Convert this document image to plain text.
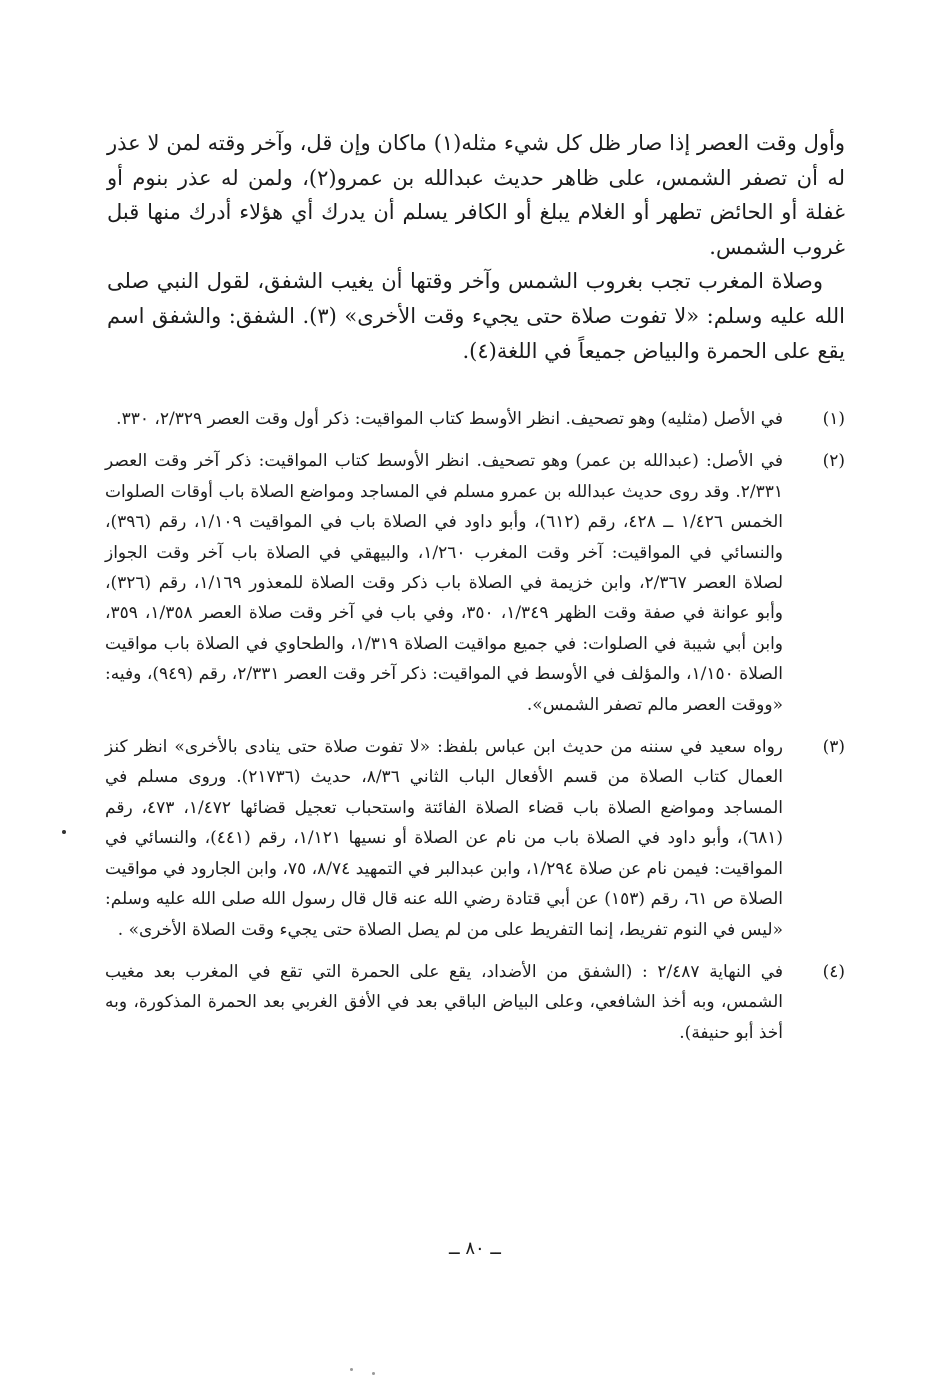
وأول وقت العصر إذا صار ظل كل شيء مثله(١) ماكان وإن قل، وآخر وقته لمن لا عذر له أن تصفر الشمس، على ظاهر حديث عبدالله بن عمرو(٢)، ولمن له عذر بنوم أو غفلة أو الحائض تطهر أو الغلام يبلغ أو الكافر يسلم أن يدرك أي هؤلاء أدرك منها قبل غروب الشمس.

وصلاة المغرب تجب بغروب الشمس وآخر وقتها أن يغيب الشفق، لقول النبي صلى الله عليه وسلم: «لا تفوت صلاة حتى يجيء وقت الأخرى» (٣). الشفق: والشفق اسم يقع على الحمرة والبياض جميعاً في اللغة(٤).

(١)
في الأصل (مثليه) وهو تصحيف. انظر الأوسط كتاب المواقيت: ذكر أول وقت العصر ٢/٣٢٩، ٣٣٠.
(٢)
في الأصل: (عبدالله بن عمر) وهو تصحيف. انظر الأوسط كتاب المواقيت: ذكر آخر وقت العصر ٢/٣٣١. وقد روى حديث عبدالله بن عمرو مسلم في المساجد ومواضع الصلاة باب أوقات الصلوات الخمس ١/٤٢٦ ــ ٤٢٨، رقم (٦١٢)، وأبو داود في الصلاة باب في المواقيت ١/١٠٩، رقم (٣٩٦)، والنسائي في المواقيت: آخر وقت المغرب ١/٢٦٠، والبيهقي في الصلاة باب آخر وقت الجواز لصلاة العصر ٢/٣٦٧، وابن خزيمة في الصلاة باب ذكر وقت الصلاة للمعذور ١/١٦٩، رقم (٣٢٦)، وأبو عوانة في صفة وقت الظهر ١/٣٤٩، ٣٥٠، وفي باب في آخر وقت صلاة العصر ١/٣٥٨، ٣٥٩، وابن أبي شيبة في الصلوات: في جميع مواقيت الصلاة ١/٣١٩، والطحاوي في الصلاة باب مواقيت الصلاة ١/١٥٠، والمؤلف في الأوسط في المواقيت: ذكر آخر وقت العصر ٢/٣٣١، رقم (٩٤٩)، وفيه: «ووقت العصر مالم تصفر الشمس».
(٣)
رواه سعيد في سننه من حديث ابن عباس بلفظ: «لا تفوت صلاة حتى ينادى بالأخرى» انظر كنز العمال كتاب الصلاة من قسم الأفعال الباب الثاني ٨/٣٦، حديث (٢١٧٣٦). وروى مسلم في المساجد ومواضع الصلاة باب قضاء الصلاة الفائتة واستحباب تعجيل قضائها ١/٤٧٢، ٤٧٣، رقم (٦٨١)، وأبو داود في الصلاة باب من نام عن الصلاة أو نسيها ١/١٢١، رقم (٤٤١)، والنسائي في المواقيت: فيمن نام عن صلاة ١/٢٩٤، وابن عبدالبر في التمهيد ٨/٧٤، ٧٥، وابن الجارود في مواقيت الصلاة ص ٦١، رقم (١٥٣) عن أبي قتادة رضي الله عنه قال قال رسول الله صلى الله عليه وسلم: «ليس في النوم تفريط، إنما التفريط على من لم يصل الصلاة حتى يجيء وقت الصلاة الأخرى» .
(٤)
في النهاية ٢/٤٨٧ : (الشفق من الأضداد، يقع على الحمرة التي تقع في المغرب بعد مغيب الشمس، وبه أخذ الشافعي، وعلى البياض الباقي بعد في الأفق الغربي بعد الحمرة المذكورة، وبه أخذ أبو حنيفة).
ــ ٨٠ ــ
